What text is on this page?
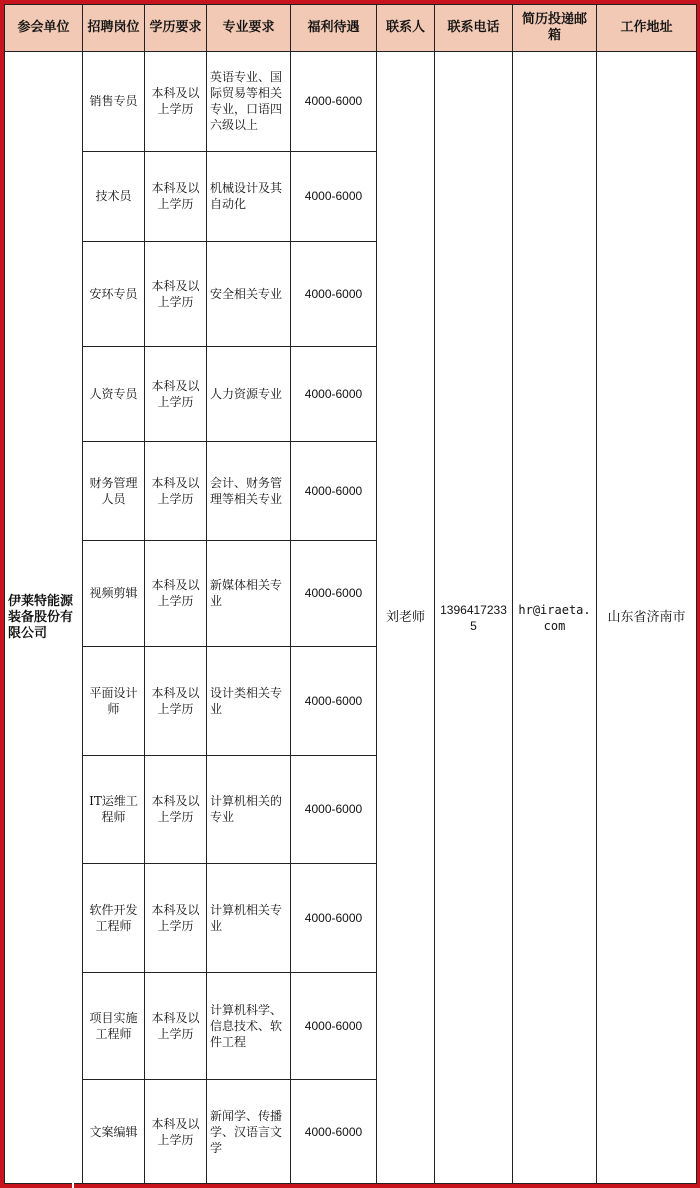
参会单位	招聘岗位	学历要求	专业要求	福利待遇	联系人	联系电话	简历投递邮箱	工作地址
伊莱特能源装备股份有限公司	销售专员	本科及以上学历	英语专业、国际贸易等相关专业，口语四六级以上	4000-6000	刘老师	13964172335	hr@iraeta.com	山东省济南市
	技术员	本科及以上学历	机械设计及其自动化	4000-6000				
	安环专员	本科及以上学历	安全相关专业	4000-6000				
	人资专员	本科及以上学历	人力资源专业	4000-6000				
	财务管理人员	本科及以上学历	会计、财务管理等相关专业	4000-6000				
	视频剪辑	本科及以上学历	新媒体相关专业	4000-6000				
	平面设计师	本科及以上学历	设计类相关专业	4000-6000				
	IT运维工程师	本科及以上学历	计算机相关的专业	4000-6000				
	软件开发工程师	本科及以上学历	计算机相关专业	4000-6000				
	项目实施工程师	本科及以上学历	计算机科学、信息技术、软件工程	4000-6000				
	文案编辑	本科及以上学历	新闻学、传播学、汉语言文学	4000-6000				
